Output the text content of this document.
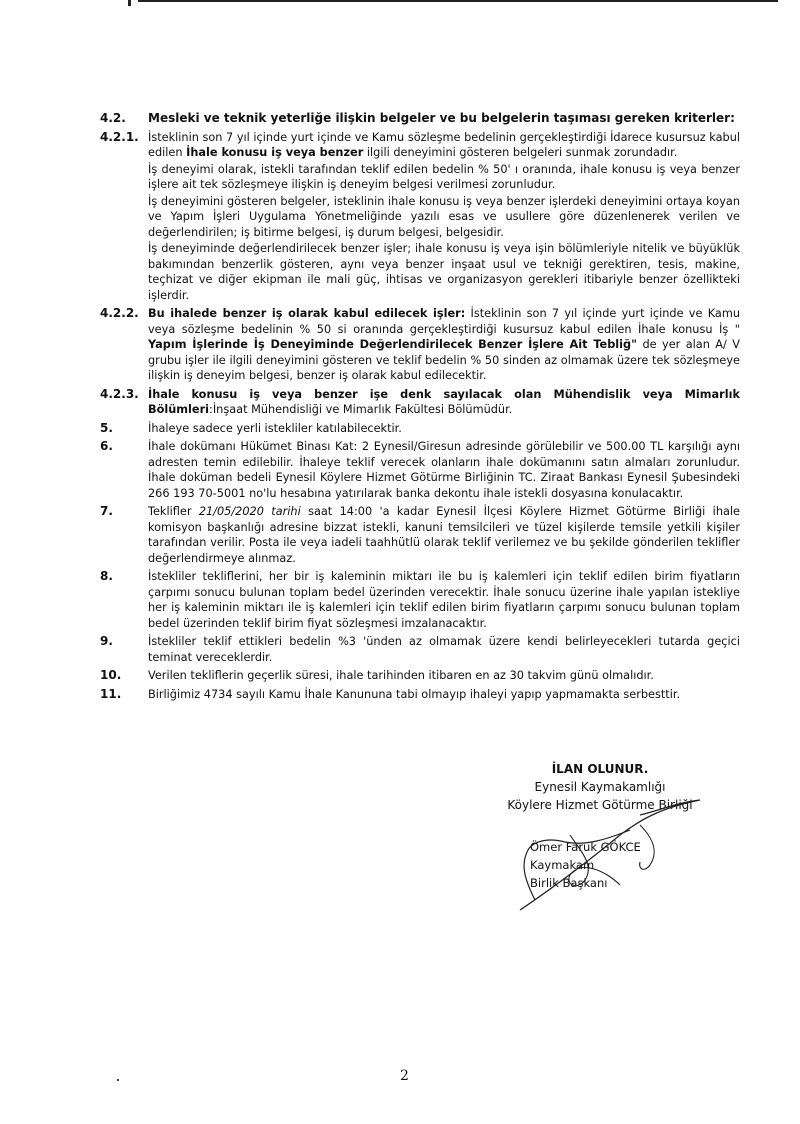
4.2.	Mesleki ve teknik yeterliğe ilişkin belgeler ve bu belgelerin taşıması gereken kriterler:

4.2.1. İsteklinin son 7 yıl içinde yurt içinde ve Kamu sözleşme bedelinin gerçekleştirdiği İdarece kusursuz kabul edilen İhale konusu iş veya benzer ilgili deneyimini gösteren belgeleri sunmak zorundadır.

İş deneyimi olarak, istekli tarafından teklif edilen bedelin % 50' ı oranında, ihale konusu iş veya benzer işlere ait tek sözleşmeye ilişkin iş deneyim belgesi verilmesi zorunludur.

İş deneyimini gösteren belgeler, isteklinin ihale konusu iş veya benzer işlerdeki deneyimini ortaya koyan ve Yapım İşleri Uygulama Yönetmeliğinde yazılı esas ve usullere göre düzenlenerek verilen ve değerlendirilen; iş bitirme belgesi, iş durum belgesi, belgesidir.

İş deneyiminde değerlendirilecek benzer işler; ihale konusu iş veya işin bölümleriyle nitelik ve büyüklük bakımından benzerlik gösteren, aynı veya benzer inşaat usul ve tekniği gerektiren, tesis, makine, teçhizat ve diğer ekipman ile mali güç, ihtisas ve organizasyon gerekleri itibariyle benzer özellikteki işlerdir.

4.2.2. Bu ihalede benzer iş olarak kabul edilecek işler: İsteklinin son 7 yıl içinde yurt içinde ve Kamu veya sözleşme bedelinin % 50 si oranında gerçekleştirdiği kusursuz kabul edilen İhale konusu İş " Yapım İşlerinde İş Deneyiminde Değerlendirilecek Benzer İşlere Ait Tebliğ" de yer alan A/ V grubu işler ile ilgili deneyimini gösteren ve teklif bedelin % 50 sinden az olmamak üzere tek sözleşmeye ilişkin iş deneyim belgesi, benzer iş olarak kabul edilecektir.

4.2.3. İhale konusu iş veya benzer işe denk sayılacak olan Mühendislik veya Mimarlık Bölümleri:İnşaat Mühendisliği ve Mimarlık Fakültesi Bölümüdür.

5.	İhaleye sadece yerli istekliler katılabilecektir.

6.	İhale dokümanı Hükümet Binası Kat: 2 Eynesil/Giresun adresinde görülebilir ve 500.00 TL karşılığı aynı adresten temin edilebilir. İhaleye teklif verecek olanların ihale dokümanını satın almaları zorunludur. İhale doküman bedeli Eynesil Köylere Hizmet Götürme Birliğinin TC. Ziraat Bankası Eynesil Şubesindeki 266 193 70-5001 no'lu hesabına yatırılarak banka dekontu ihale istekli dosyasına konulacaktır.

7.	Teklifler 21/05/2020 tarihi saat 14:00 'a kadar Eynesil İlçesi Köylere Hizmet Götürme Birliği ihale komisyon başkanlığı adresine bizzat istekli, kanuni temsilcileri ve tüzel kişilerde temsile yetkili kişiler tarafından verilir. Posta ile veya iadeli taahhütlü olarak teklif verilemez ve bu şekilde gönderilen teklifler değerlendirmeye alınmaz.

8.	İstekliler tekliflerini, her bir iş kaleminin miktarı ile bu iş kalemleri için teklif edilen birim fiyatların çarpımı sonucu bulunan toplam bedel üzerinden verecektir. İhale sonucu üzerine ihale yapılan istekliye her iş kaleminin miktarı ile iş kalemleri için teklif edilen birim fiyatların çarpımı sonucu bulunan toplam bedel üzerinden teklif birim fiyat sözleşmesi imzalanacaktır.

9.	İstekliler teklif ettikleri bedelin %3 'ünden az olmamak üzere kendi belirleyecekleri tutarda geçici teminat vereceklerdir.

10.	Verilen tekliflerin geçerlik süresi, ihale tarihinden itibaren en az 30 takvim günü olmalıdır.

11.	Birliğimiz 4734 sayılı Kamu İhale Kanununa tabi olmayıp ihaleyi yapıp yapmamakta serbesttir.

İLAN OLUNUR.
Eynesil Kaymakamlığı
Köylere Hizmet Götürme Birliği
Ömer Faruk GÖKCE
Kaymakam
Birlik Başkanı
2
